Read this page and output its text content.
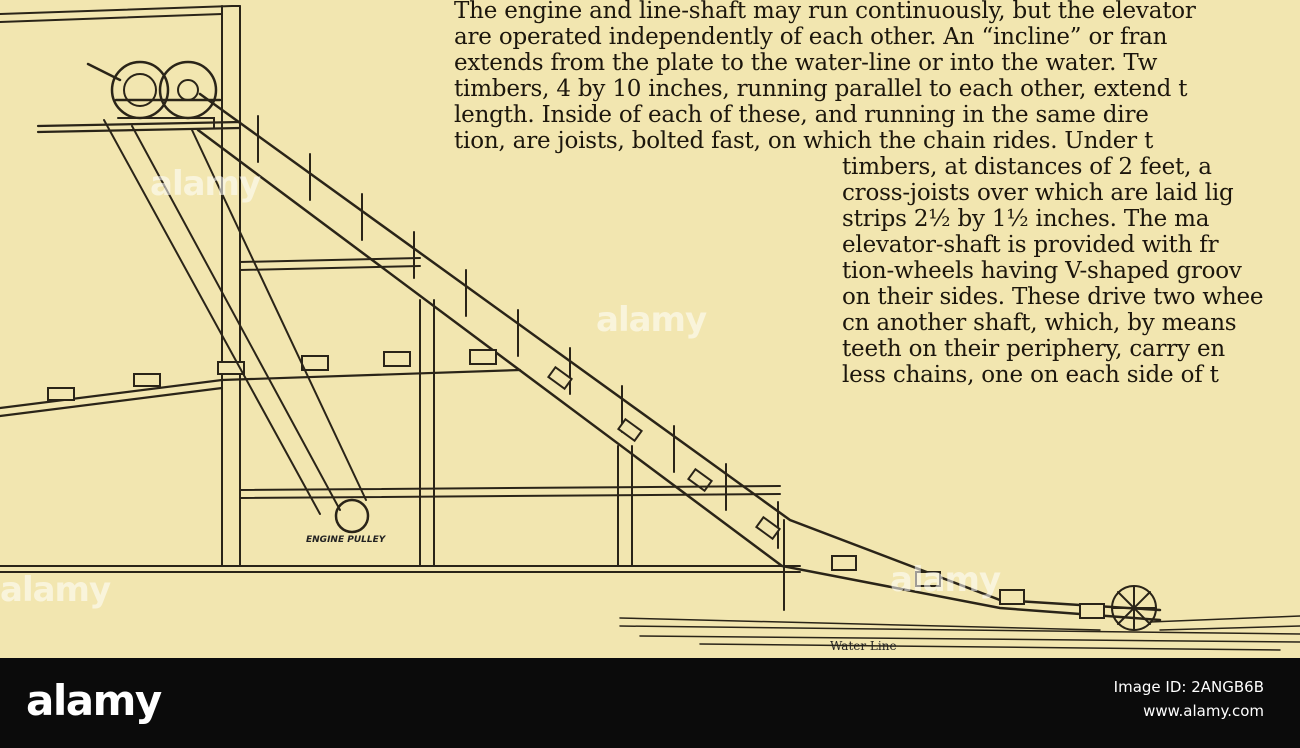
ENGINE PULLEY
Water Line
The engine and line-shaft may run continuously, but the elevator
are operated independently of each other. An “incline” or fran
extends from the plate to the water-line or into the water. Tw
timbers, 4 by 10 inches, running parallel to each other, extend t
length. Inside of each of these, and running in the same dire
tion, are joists, bolted fast, on which the chain rides. Under t
timbers, at distances of 2 feet, a
cross-joists over which are laid lig
strips 2½ by 1½ inches. The ma
elevator-shaft is provided with fr
tion-wheels having V-shaped groov
on their sides. These drive two whee
cn another shaft, which, by means
teeth on their periphery, carry en
less chains, one on each side of t
alamy
alamy
alamy	alamy
alamy	Image ID: 2ANGB6B
www.alamy.com
